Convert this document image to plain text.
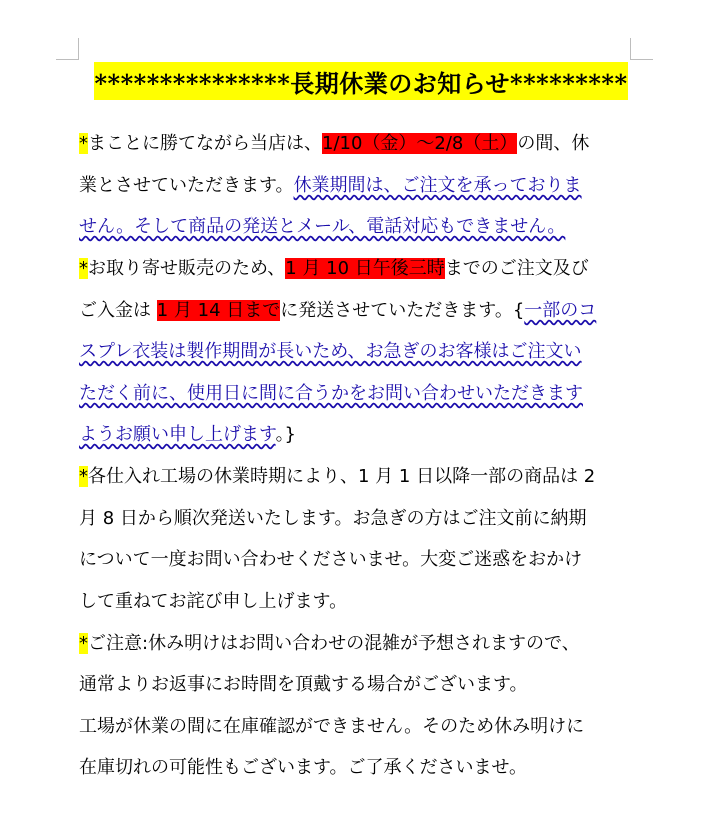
***************長期休業のお知らせ*********
*まことに勝てながら当店は、1/10（金）～2/8（土）の間、休
業とさせていただきます。休業期間は、ご注文を承っておりま
せん。そして商品の発送とメール、電話対応もできません。
*お取り寄せ販売のため、1 月 10 日午後三時までのご注文及び
ご入金は 1 月 14 日までに発送させていただきます。{一部のコ
スプレ衣装は製作期間が長いため、お急ぎのお客様はご注文い
ただく前に、使用日に間に合うかをお問い合わせいただきます
ようお願い申し上げます。}
*各仕入れ工場の休業時期により、1 月 1 日以降一部の商品は 2
月 8 日から順次発送いたします。お急ぎの方はご注文前に納期
について一度お問い合わせくださいませ。大変ご迷惑をおかけ
して重ねてお詫び申し上げます。
*ご注意:休み明けはお問い合わせの混雑が予想されますので、
通常よりお返事にお時間を頂戴する場合がございます。
工場が休業の間に在庫確認ができません。そのため休み明けに
在庫切れの可能性もございます。ご了承くださいませ。
